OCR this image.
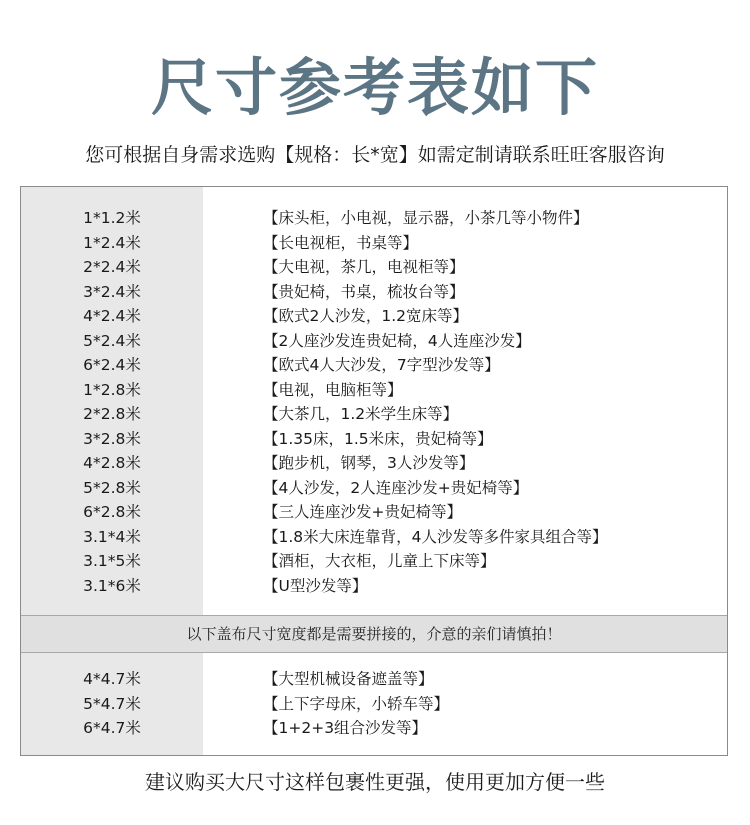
尺寸参考表如下
您可根据自身需求选购【规格：长*宽】如需定制请联系旺旺客服咨询
1*1.2米	【床头柜，小电视，显示器，小茶几等小物件】
1*2.4米	【长电视柜，书桌等】
2*2.4米	【大电视，茶几，电视柜等】
3*2.4米	【贵妃椅，书桌，梳妆台等】
4*2.4米	【欧式2人沙发，1.2宽床等】
5*2.4米	【2人座沙发连贵妃椅，4人连座沙发】
6*2.4米	【欧式4人大沙发，7字型沙发等】
1*2.8米	【电视，电脑柜等】
2*2.8米	【大茶几，1.2米学生床等】
3*2.8米	【1.35床，1.5米床，贵妃椅等】
4*2.8米	【跑步机，钢琴，3人沙发等】
5*2.8米	【4人沙发，2人连座沙发+贵妃椅等】
6*2.8米	【三人连座沙发+贵妃椅等】
3.1*4米	【1.8米大床连靠背，4人沙发等多件家具组合等】
3.1*5米	【酒柜，大衣柜，儿童上下床等】
3.1*6米	【U型沙发等】
以下盖布尺寸宽度都是需要拼接的，介意的亲们请慎拍！
4*4.7米	【大型机械设备遮盖等】
5*4.7米	【上下字母床，小轿车等】
6*4.7米	【1+2+3组合沙发等】
建议购买大尺寸这样包裹性更强，使用更加方便一些
